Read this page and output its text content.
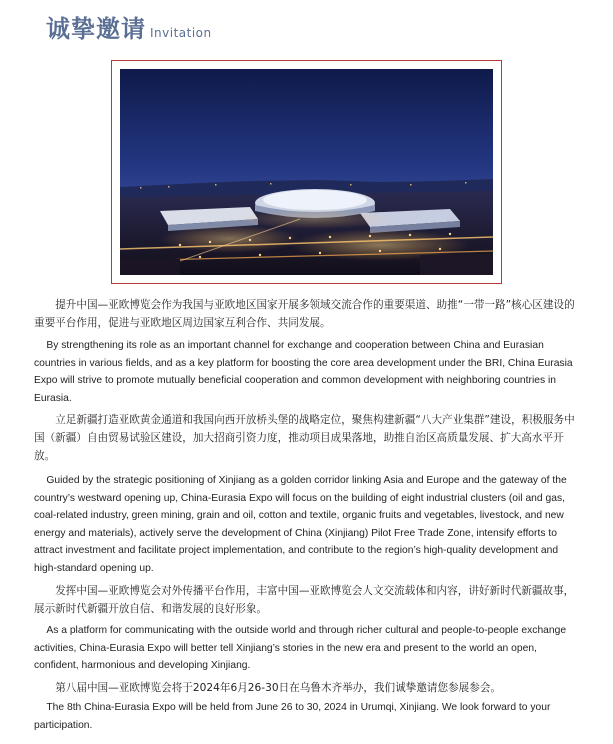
诚挚邀请 Invitation

提升中国—亚欧博览会作为我国与亚欧地区国家开展多领域交流合作的重要渠道、助推“一带一路”核心区建设的重要平台作用，促进与亚欧地区周边国家互利合作、共同发展。

By strengthening its role as an important channel for exchange and cooperation between China and Eurasian countries in various fields, and as a key platform for boosting the core area development under the BRI, China Eurasia Expo will strive to promote mutually beneficial cooperation and common development with neighboring countries in Eurasia.

立足新疆打造亚欧黄金通道和我国向西开放桥头堡的战略定位，聚焦构建新疆“八大产业集群”建设，积极服务中国（新疆）自由贸易试验区建设，加大招商引资力度，推动项目成果落地，助推自治区高质量发展、扩大高水平开放。

Guided by the strategic positioning of Xinjiang as a golden corridor linking Asia and Europe and the gateway of the country’s westward opening up, China-Eurasia Expo will focus on the building of eight industrial clusters (oil and gas, coal-related industry, green mining, grain and oil, cotton and textile, organic fruits and vegetables, livestock, and new energy and materials), actively serve the development of China (Xinjiang) Pilot Free Trade Zone, intensify efforts to attract investment and facilitate project implementation, and contribute to the region’s high-quality development and high-standard opening up.

发挥中国—亚欧博览会对外传播平台作用，丰富中国—亚欧博览会人文交流载体和内容，讲好新时代新疆故事，展示新时代新疆开放自信、和谐发展的良好形象。

As a platform for communicating with the outside world and through richer cultural and people-to-people exchange activities, China-Eurasia Expo will better tell Xinjiang’s stories in the new era and present to the world an open, confident, harmonious and developing Xinjiang.

第八届中国—亚欧博览会将于2024年6月26-30日在乌鲁木齐举办，我们诚挚邀请您参展参会。

The 8th China-Eurasia Expo will be held from June 26 to 30, 2024 in Urumqi, Xinjiang. We look forward to your participation.
